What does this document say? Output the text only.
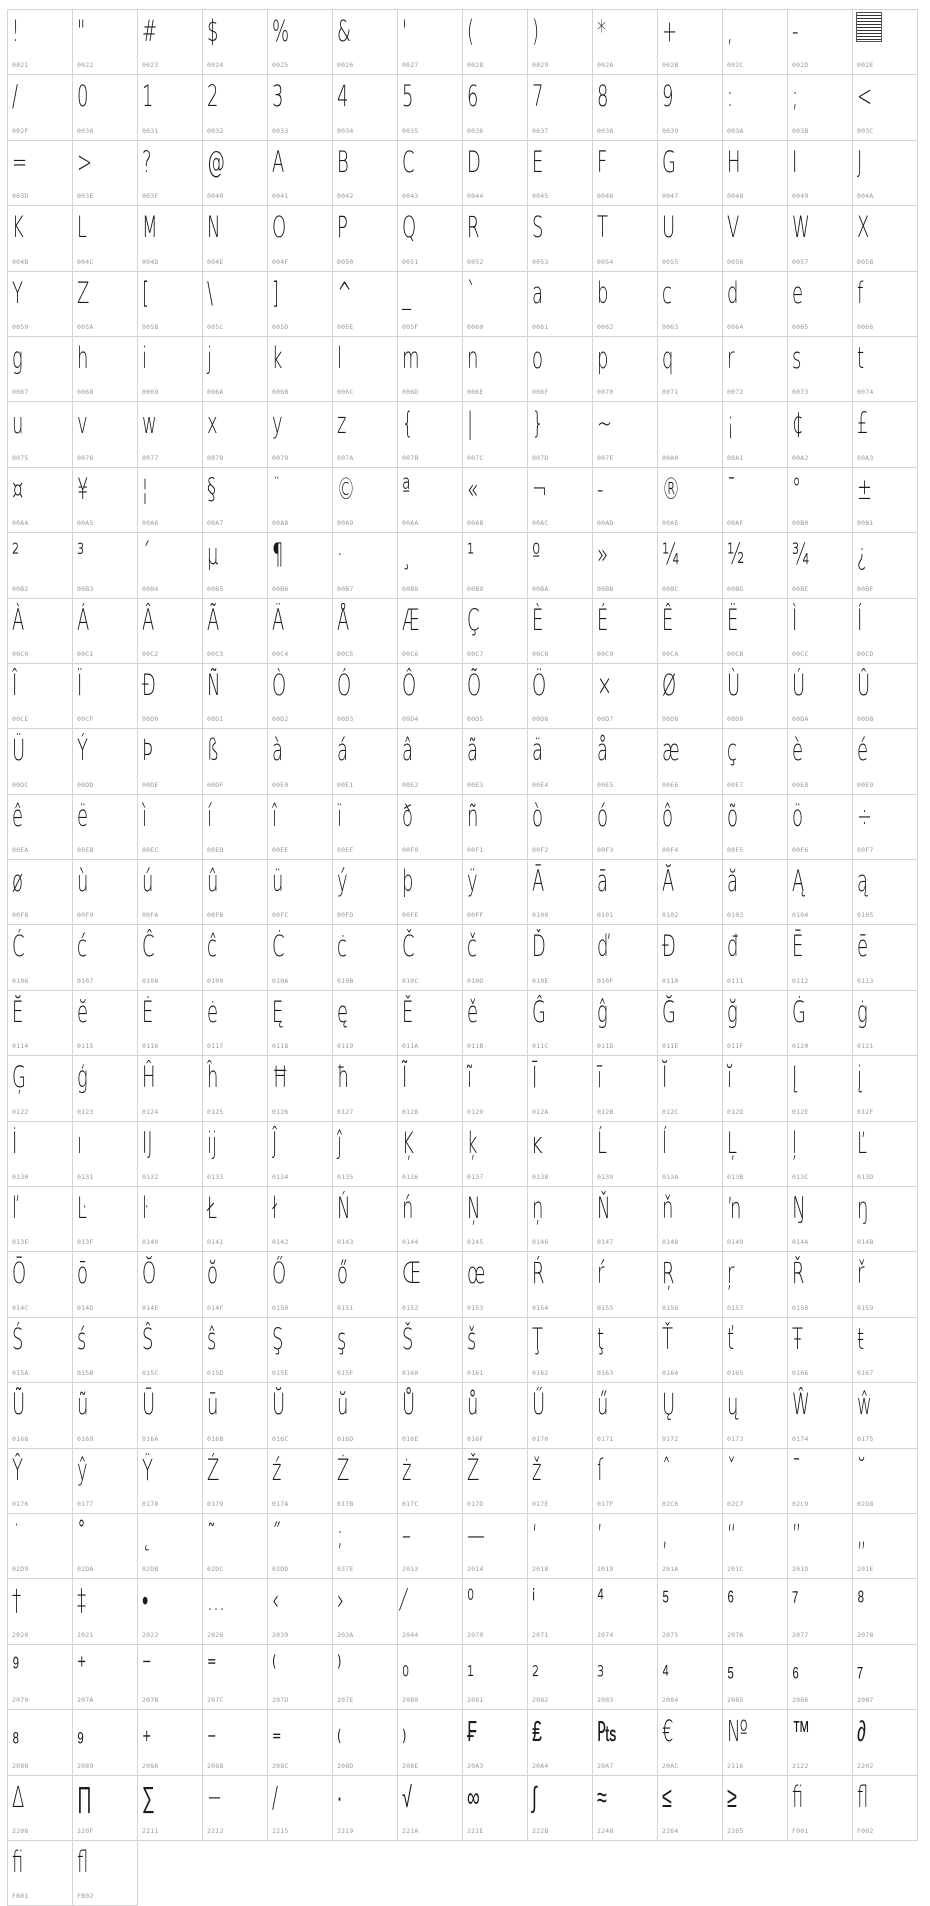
!
0021
"
0022
#
0023
$
0024
%
0025
&
0026
'
0027
(
0028
)
0029
*
002A
+
002B
,
002C
-
002D	002E
/
002F
0
0030
1
0031
2
0032
3
0033
4
0034
5
0035
6
0036
7
0037
8
0038
9
0039
:
003A
;
003B
<
003C
=
003D
>
003E
?
003F
@
0040
A
0041
B
0042
C
0043
D
0044
E
0045
F
0046
G
0047
H
0048
I
0049
J
004A
K
004B
L
004C
M
004D
N
004E
O
004F
P
0050
Q
0051
R
0052
S
0053
T
0054
U
0055
V
0056
W
0057
X
0058
Y
0059
Z
005A
[
005B
\
005C
]
005D
^
005E
_
005F
`
0060
a
0061
b
0062
c
0063
d
0064
e
0065
f
0066
g
0067
h
0068
i
0069
j
006A
k
006B
l
006C
m
006D
n
006E
o
006F
p
0070
q
0071
r
0072
s
0073
t
0074
u
0075
v
0076
w
0077
x
0078
y
0079
z
007A
{
007B
|
007C
}
007D
~
007E	00A0
¡
00A1
¢
00A2
£
00A3
¤
00A4
¥
00A5
¦
00A6
§
00A7
¨
00A8
©
00A9
ª
00AA
«
00AB
¬
00AC
-
00AD
®
00AE
¯
00AF
°
00B0
±
00B1
²
00B2
³
00B3
´
00B4
µ
00B5
¶
00B6
·
00B7
¸
00B8
¹
00B9
º
00BA
»
00BB
¼
00BC
½
00BD
¾
00BE
¿
00BF
À
00C0
Á
00C1
Â
00C2
Ã
00C3
Ä
00C4
Å
00C5
Æ
00C6
Ç
00C7
È
00C8
É
00C9
Ê
00CA
Ë
00CB
Ì
00CC
Í
00CD
Î
00CE
Ï
00CF
Ð
00D0
Ñ
00D1
Ò
00D2
Ó
00D3
Ô
00D4
Õ
00D5
Ö
00D6
×
00D7
Ø
00D8
Ù
00D9
Ú
00DA
Û
00DB
Ü
00DC
Ý
00DD
Þ
00DE
ß
00DF
à
00E0
á
00E1
â
00E2
ã
00E3
ä
00E4
å
00E5
æ
00E6
ç
00E7
è
00E8
é
00E9
ê
00EA
ë
00EB
ì
00EC
í
00ED
î
00EE
ï
00EF
ð
00F0
ñ
00F1
ò
00F2
ó
00F3
ô
00F4
õ
00F5
ö
00F6
÷
00F7
ø
00F8
ù
00F9
ú
00FA
û
00FB
ü
00FC
ý
00FD
þ
00FE
ÿ
00FF
Ā
0100
ā
0101
Ă
0102
ă
0103
Ą
0104
ą
0105
Ć
0106
ć
0107
Ĉ
0108
ĉ
0109
Ċ
010A
ċ
010B
Č
010C
č
010D
Ď
010E
ď
010F
Đ
0110
đ
0111
Ē
0112
ē
0113
Ĕ
0114
ĕ
0115
Ė
0116
ė
0117
Ę
0118
ę
0119
Ě
011A
ě
011B
Ĝ
011C
ĝ
011D
Ğ
011E
ğ
011F
Ġ
0120
ġ
0121
Ģ
0122
ģ
0123
Ĥ
0124
ĥ
0125
Ħ
0126
ħ
0127
Ĩ
0128
ĩ
0129
Ī
012A
ī
012B
Ĭ
012C
ĭ
012D
Į
012E
į
012F
İ
0130
ı
0131
Ĳ
0132
ĳ
0133
Ĵ
0134
ĵ
0135
Ķ
0136
ķ
0137
ĸ
0138
Ĺ
0139
ĺ
013A
Ļ
013B
ļ
013C
Ľ
013D
ľ
013E
Ŀ
013F
ŀ
0140
Ł
0141
ł
0142
Ń
0143
ń
0144
Ņ
0145
ņ
0146
Ň
0147
ň
0148
ŉ
0149
Ŋ
014A
ŋ
014B
Ō
014C
ō
014D
Ŏ
014E
ŏ
014F
Ő
0150
ő
0151
Œ
0152
œ
0153
Ŕ
0154
ŕ
0155
Ŗ
0156
ŗ
0157
Ř
0158
ř
0159
Ś
015A
ś
015B
Ŝ
015C
ŝ
015D
Ş
015E
ş
015F
Š
0160
š
0161
Ţ
0162
ţ
0163
Ť
0164
ť
0165
Ŧ
0166
ŧ
0167
Ũ
0168
ũ
0169
Ū
016A
ū
016B
Ŭ
016C
ŭ
016D
Ů
016E
ů
016F
Ű
0170
ű
0171
Ų
0172
ų
0173
Ŵ
0174
ŵ
0175
Ŷ
0176
ŷ
0177
Ÿ
0178
Ź
0179
ź
017A
Ż
017B
ż
017C
Ž
017D
ž
017E
ſ
017F
ˆ
02C6
ˇ
02C7
ˉ
02C9
˘
02D8
˙
02D9
˚
02DA
˛
02DB
˜
02DC
˝
02DD
;
037E
–
2013
—
2014
‘
2018
’
2019
‚
201A
“
201C
”
201D
„
201E
†
2020
‡
2021
•
2022
…
2026
‹
2039
›
203A
⁄
2044
⁰
2070
ⁱ
2071
⁴
2074
⁵
2075
⁶
2076
⁷
2077
⁸
2078
⁹
2079
⁺
207A
⁻
207B
⁼
207C
⁽
207D
⁾
207E
₀
2080
₁
2081
₂
2082
₃
2083
₄
2084
₅
2085
₆
2086
₇
2087
₈
2088
₉
2089
₊
208A
₋
208B
₌
208C
₍
208D
₎
208E
₣
20A3
₤
20A4
₧
20A7
€
20AC
№
2116
™
2122
∂
2202
∆
2206
∏
220F
∑
2211
−
2212
∕
2215
∙
2219
√
221A
∞
221E
∫
222B
≈
2248
≤
2264
≥
2265
ﬁ
F001
ﬂ
F002
ﬁ
FB01
ﬂ
FB02
